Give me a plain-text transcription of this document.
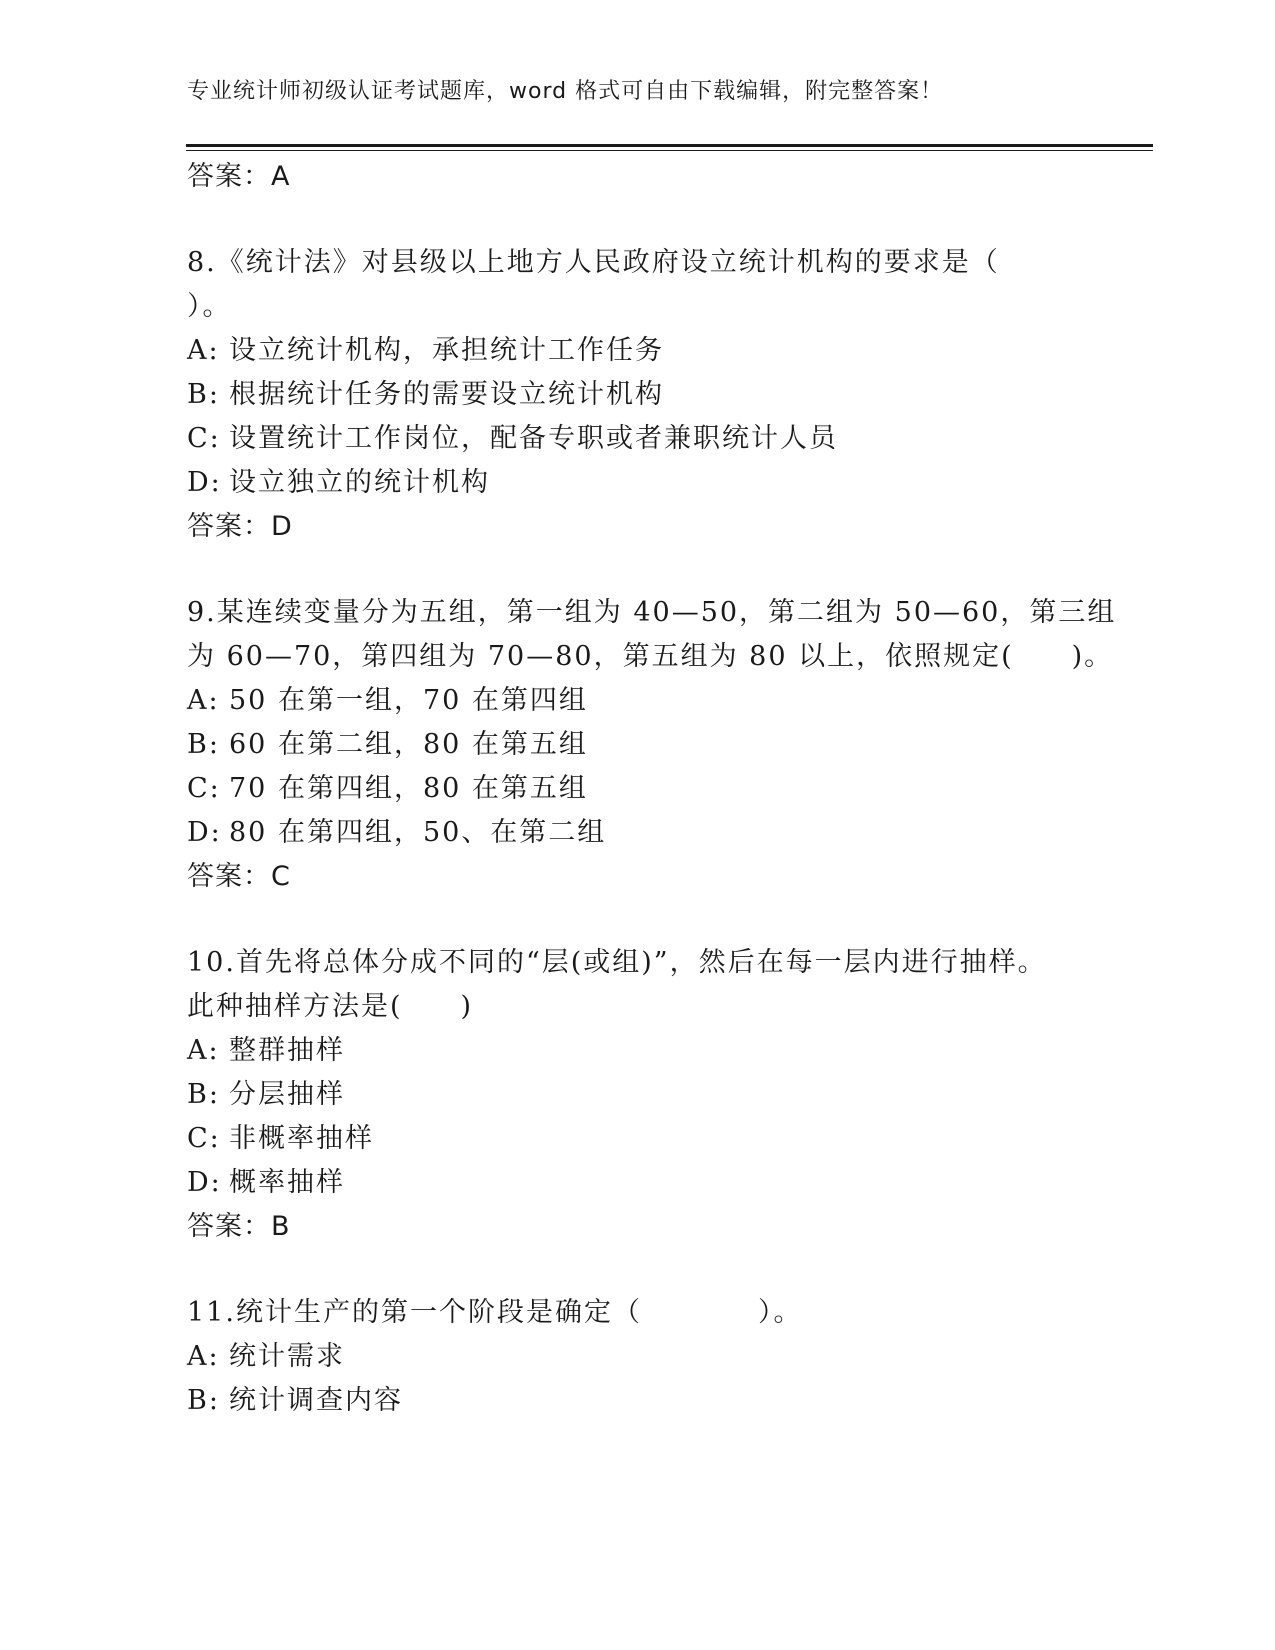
专业统计师初级认证考试题库，word 格式可自由下载编辑，附完整答案！
答案：A
8.《统计法》对县级以上地方人民政府设立统计机构的要求是（
）。
A: 设立统计机构，承担统计工作任务
B: 根据统计任务的需要设立统计机构
C: 设置统计工作岗位，配备专职或者兼职统计人员
D: 设立独立的统计机构
答案：D
9.某连续变量分为五组，第一组为 40—50，第二组为 50—60，第三组
为 60—70，第四组为 70—80，第五组为 80 以上，依照规定(　　)。
A: 50 在第一组，70 在第四组
B: 60 在第二组，80 在第五组
C: 70 在第四组，80 在第五组
D: 80 在第四组，50、在第二组
答案：C
10.首先将总体分成不同的“层(或组)”，然后在每一层内进行抽样。
此种抽样方法是(　　)
A: 整群抽样
B: 分层抽样
C: 非概率抽样
D: 概率抽样
答案：B
11.统计生产的第一个阶段是确定（　　　　）。
A: 统计需求
B: 统计调查内容
